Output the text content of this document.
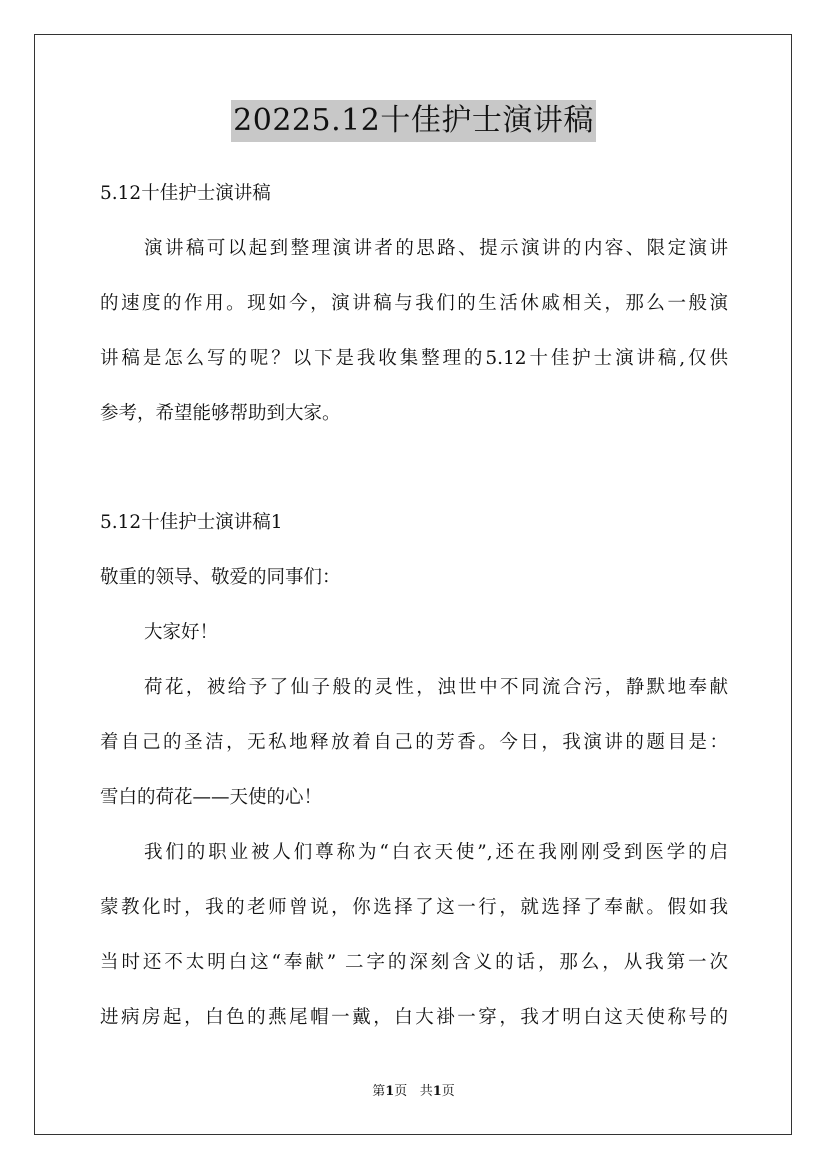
20225.12十佳护士演讲稿
5.12十佳护士演讲稿
演讲稿可以起到整理演讲者的思路、提示演讲的内容、限定演讲
的速度的作用。现如今，演讲稿与我们的生活休戚相关，那么一般演
讲稿是怎么写的呢？以下是我收集整理的5.12十佳护士演讲稿,仅供
参考，希望能够帮助到大家。
5.12十佳护士演讲稿1
敬重的领导、敬爱的同事们：
大家好！
荷花，被给予了仙子般的灵性，浊世中不同流合污，静默地奉献
着自己的圣洁，无私地释放着自己的芳香。今日，我演讲的题目是：
雪白的荷花——天使的心！
我们的职业被人们尊称为“白衣天使”,还在我刚刚受到医学的启
蒙教化时，我的老师曾说，你选择了这一行，就选择了奉献。假如我
当时还不太明白这“奉献” 二字的深刻含义的话，那么，从我第一次
进病房起，白色的燕尾帽一戴，白大褂一穿，我才明白这天使称号的
第1页 共1页
